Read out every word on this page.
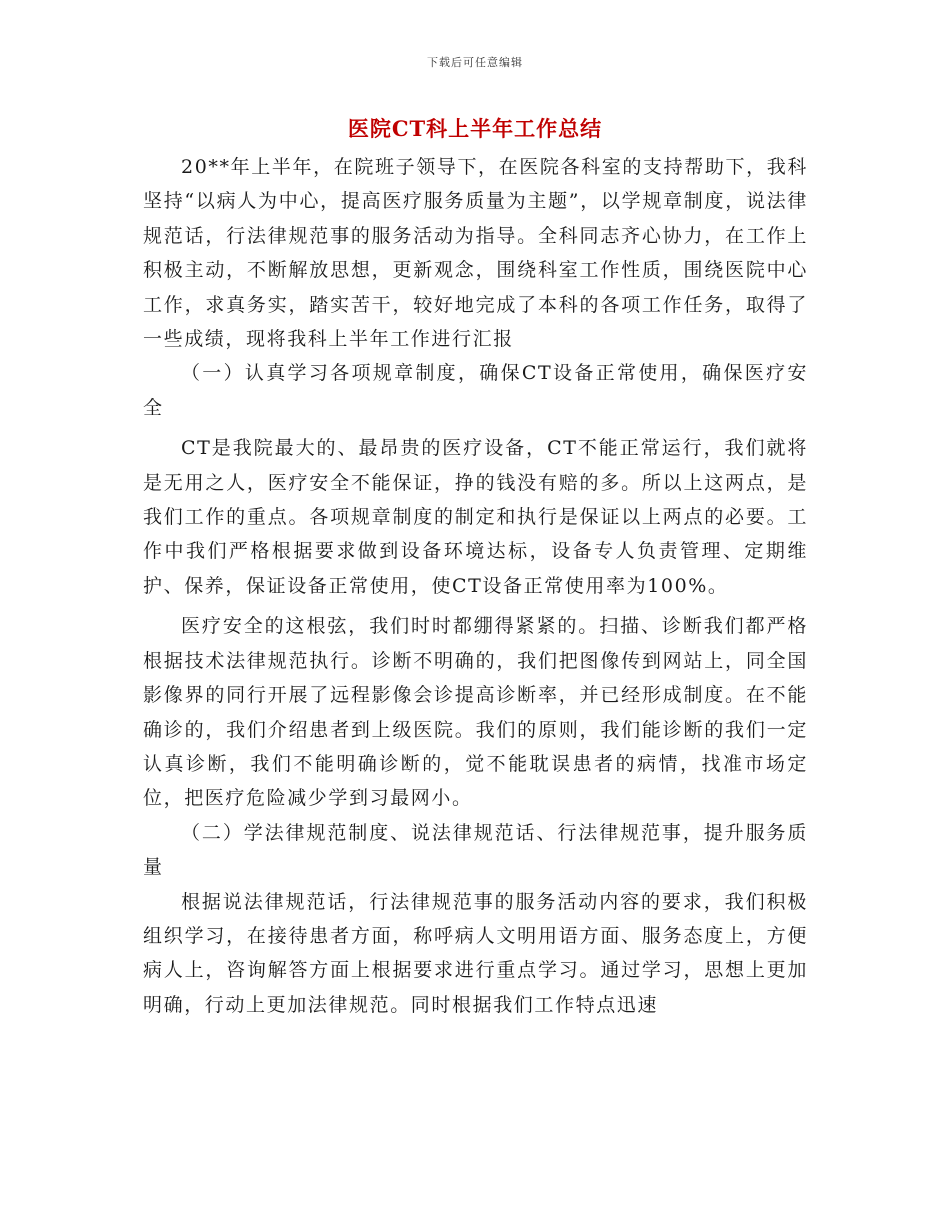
下载后可任意编辑
医院CT科上半年工作总结

20**年上半年，在院班子领导下，在医院各科室的支持帮助下，我科坚持“以病人为中心，提高医疗服务质量为主题”，以学规章制度，说法律规范话，行法律规范事的服务活动为指导。全科同志齐心协力，在工作上积极主动，不断解放思想，更新观念，围绕科室工作性质，围绕医院中心工作，求真务实，踏实苦干，较好地完成了本科的各项工作任务，取得了一些成绩，现将我科上半年工作进行汇报

（一）认真学习各项规章制度，确保CT设备正常使用，确保医疗安全

CT是我院最大的、最昂贵的医疗设备，CT不能正常运行，我们就将是无用之人，医疗安全不能保证，挣的钱没有赔的多。所以上这两点，是我们工作的重点。各项规章制度的制定和执行是保证以上两点的必要。工作中我们严格根据要求做到设备环境达标，设备专人负责管理、定期维护、保养，保证设备正常使用，使CT设备正常使用率为100%。

医疗安全的这根弦，我们时时都绷得紧紧的。扫描、诊断我们都严格根据技术法律规范执行。诊断不明确的，我们把图像传到网站上，同全国影像界的同行开展了远程影像会诊提高诊断率，并已经形成制度。在不能确诊的，我们介绍患者到上级医院。我们的原则，我们能诊断的我们一定认真诊断，我们不能明确诊断的，觉不能耽误患者的病情，找准市场定位，把医疗危险减少学到习最网小。

（二）学法律规范制度、说法律规范话、行法律规范事，提升服务质量

根据说法律规范话，行法律规范事的服务活动内容的要求，我们积极组织学习，在接待患者方面，称呼病人文明用语方面、服务态度上，方便病人上，咨询解答方面上根据要求进行重点学习。通过学习，思想上更加明确，行动上更加法律规范。同时根据我们工作特点迅速
